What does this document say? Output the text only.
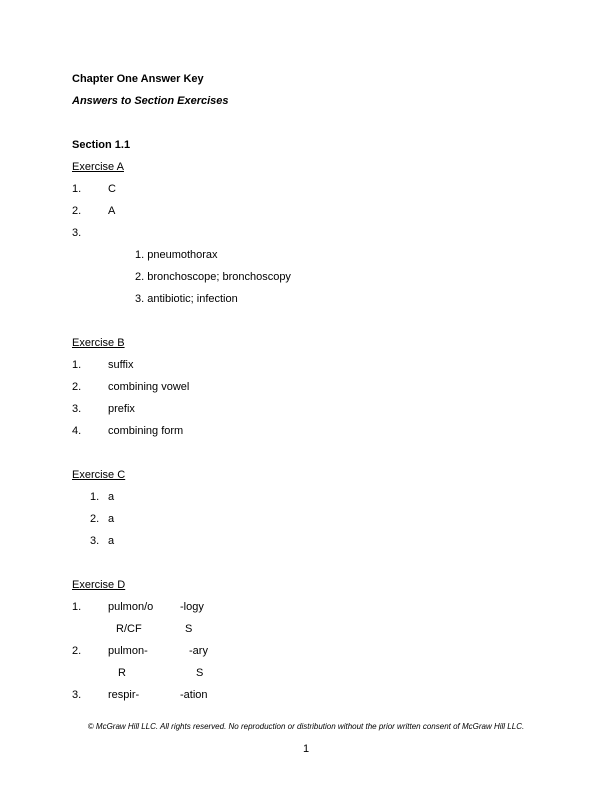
Chapter One Answer Key
Answers to Section Exercises
Section 1.1
Exercise A
1. C
2. A
3.
1. pneumothorax
2. bronchoscope; bronchoscopy
3. antibiotic; infection
Exercise B
1. suffix
2. combining vowel
3. prefix
4. combining form
Exercise C
1. a
2. a
3. a
Exercise D
1. pulmon/o -logy
R/CF	S
2. pulmon-	-ary
R	S
3. respir-	-ation
© McGraw Hill LLC. All rights reserved. No reproduction or distribution without the prior written consent of McGraw Hill LLC.
1
